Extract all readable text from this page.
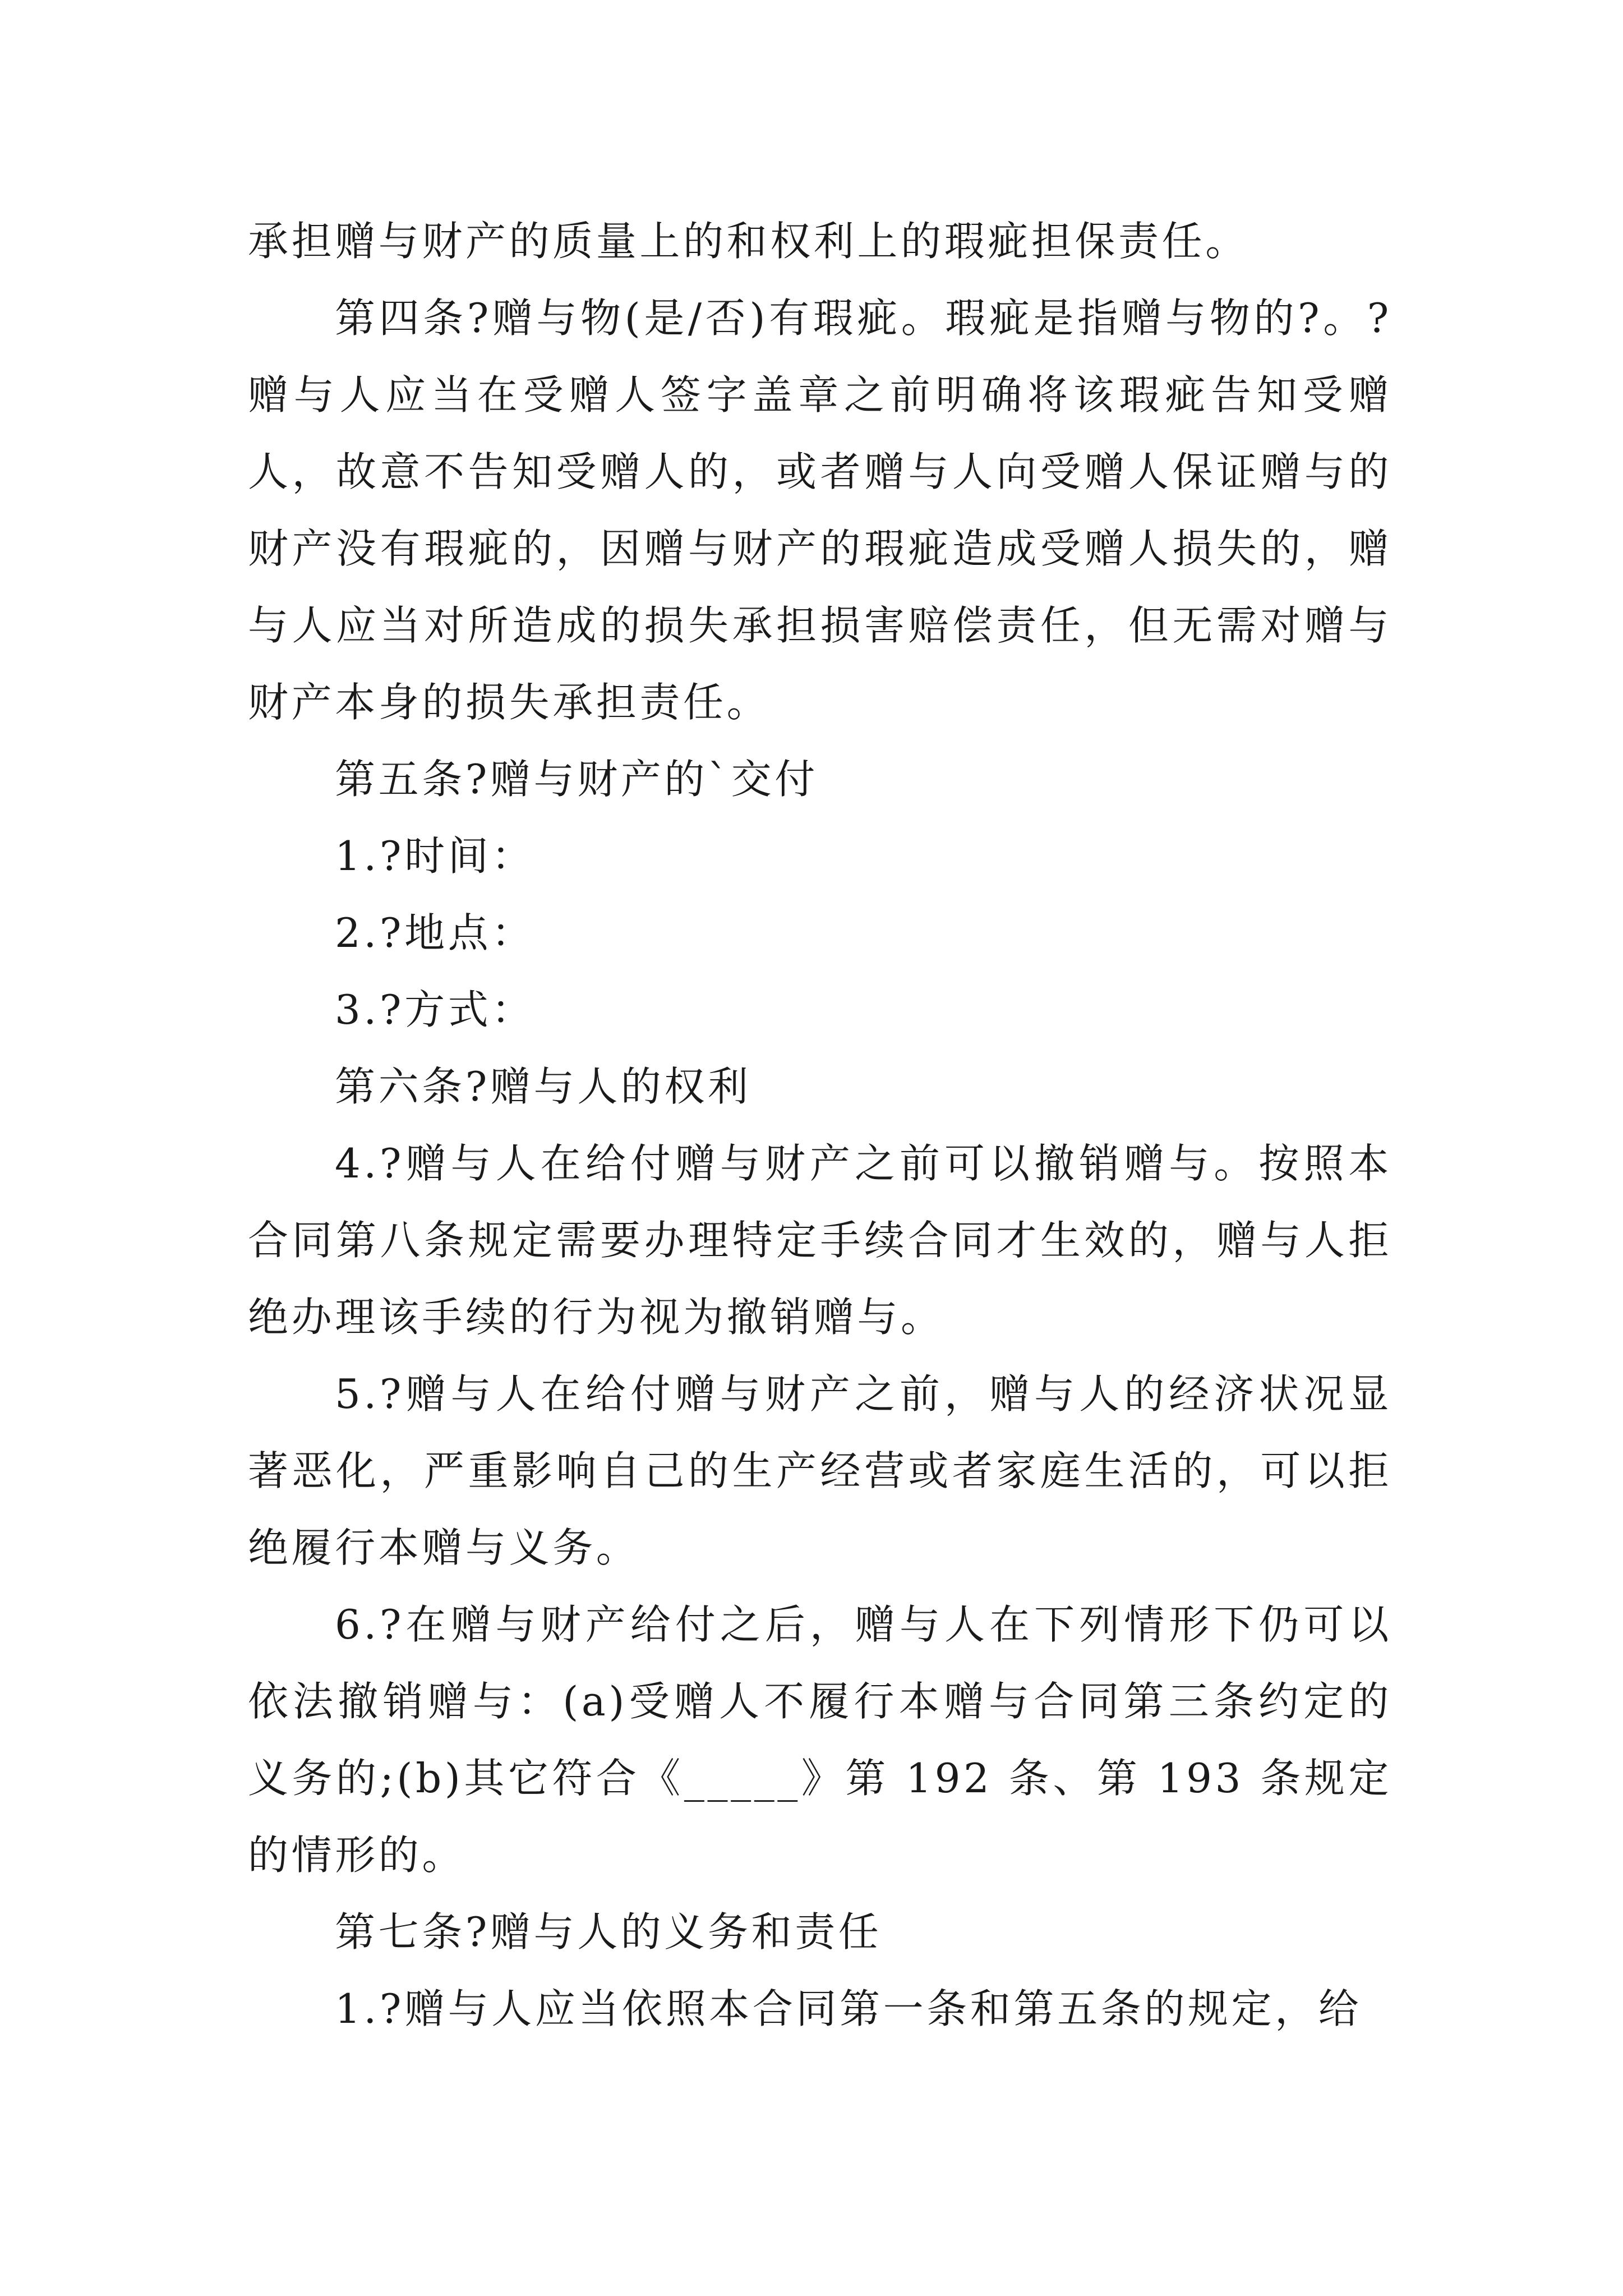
承担赠与财产的质量上的和权利上的瑕疵担保责任。

第四条?赠与物(是/否)有瑕疵。瑕疵是指赠与物的?。?赠与人应当在受赠人签字盖章之前明确将该瑕疵告知受赠人，故意不告知受赠人的，或者赠与人向受赠人保证赠与的财产没有瑕疵的，因赠与财产的瑕疵造成受赠人损失的，赠与人应当对所造成的损失承担损害赔偿责任，但无需对赠与财产本身的损失承担责任。

第五条?赠与财产的`交付

1.?时间：

2.?地点：

3.?方式：

第六条?赠与人的权利

4.?赠与人在给付赠与财产之前可以撤销赠与。按照本合同第八条规定需要办理特定手续合同才生效的，赠与人拒绝办理该手续的行为视为撤销赠与。

5.?赠与人在给付赠与财产之前，赠与人的经济状况显著恶化，严重影响自己的生产经营或者家庭生活的，可以拒绝履行本赠与义务。

6.?在赠与财产给付之后，赠与人在下列情形下仍可以依法撤销赠与：(a)受赠人不履行本赠与合同第三条约定的义务的;(b)其它符合《_____》第 192 条、第 193 条规定的情形的。

第七条?赠与人的义务和责任

1.?赠与人应当依照本合同第一条和第五条的规定，给
